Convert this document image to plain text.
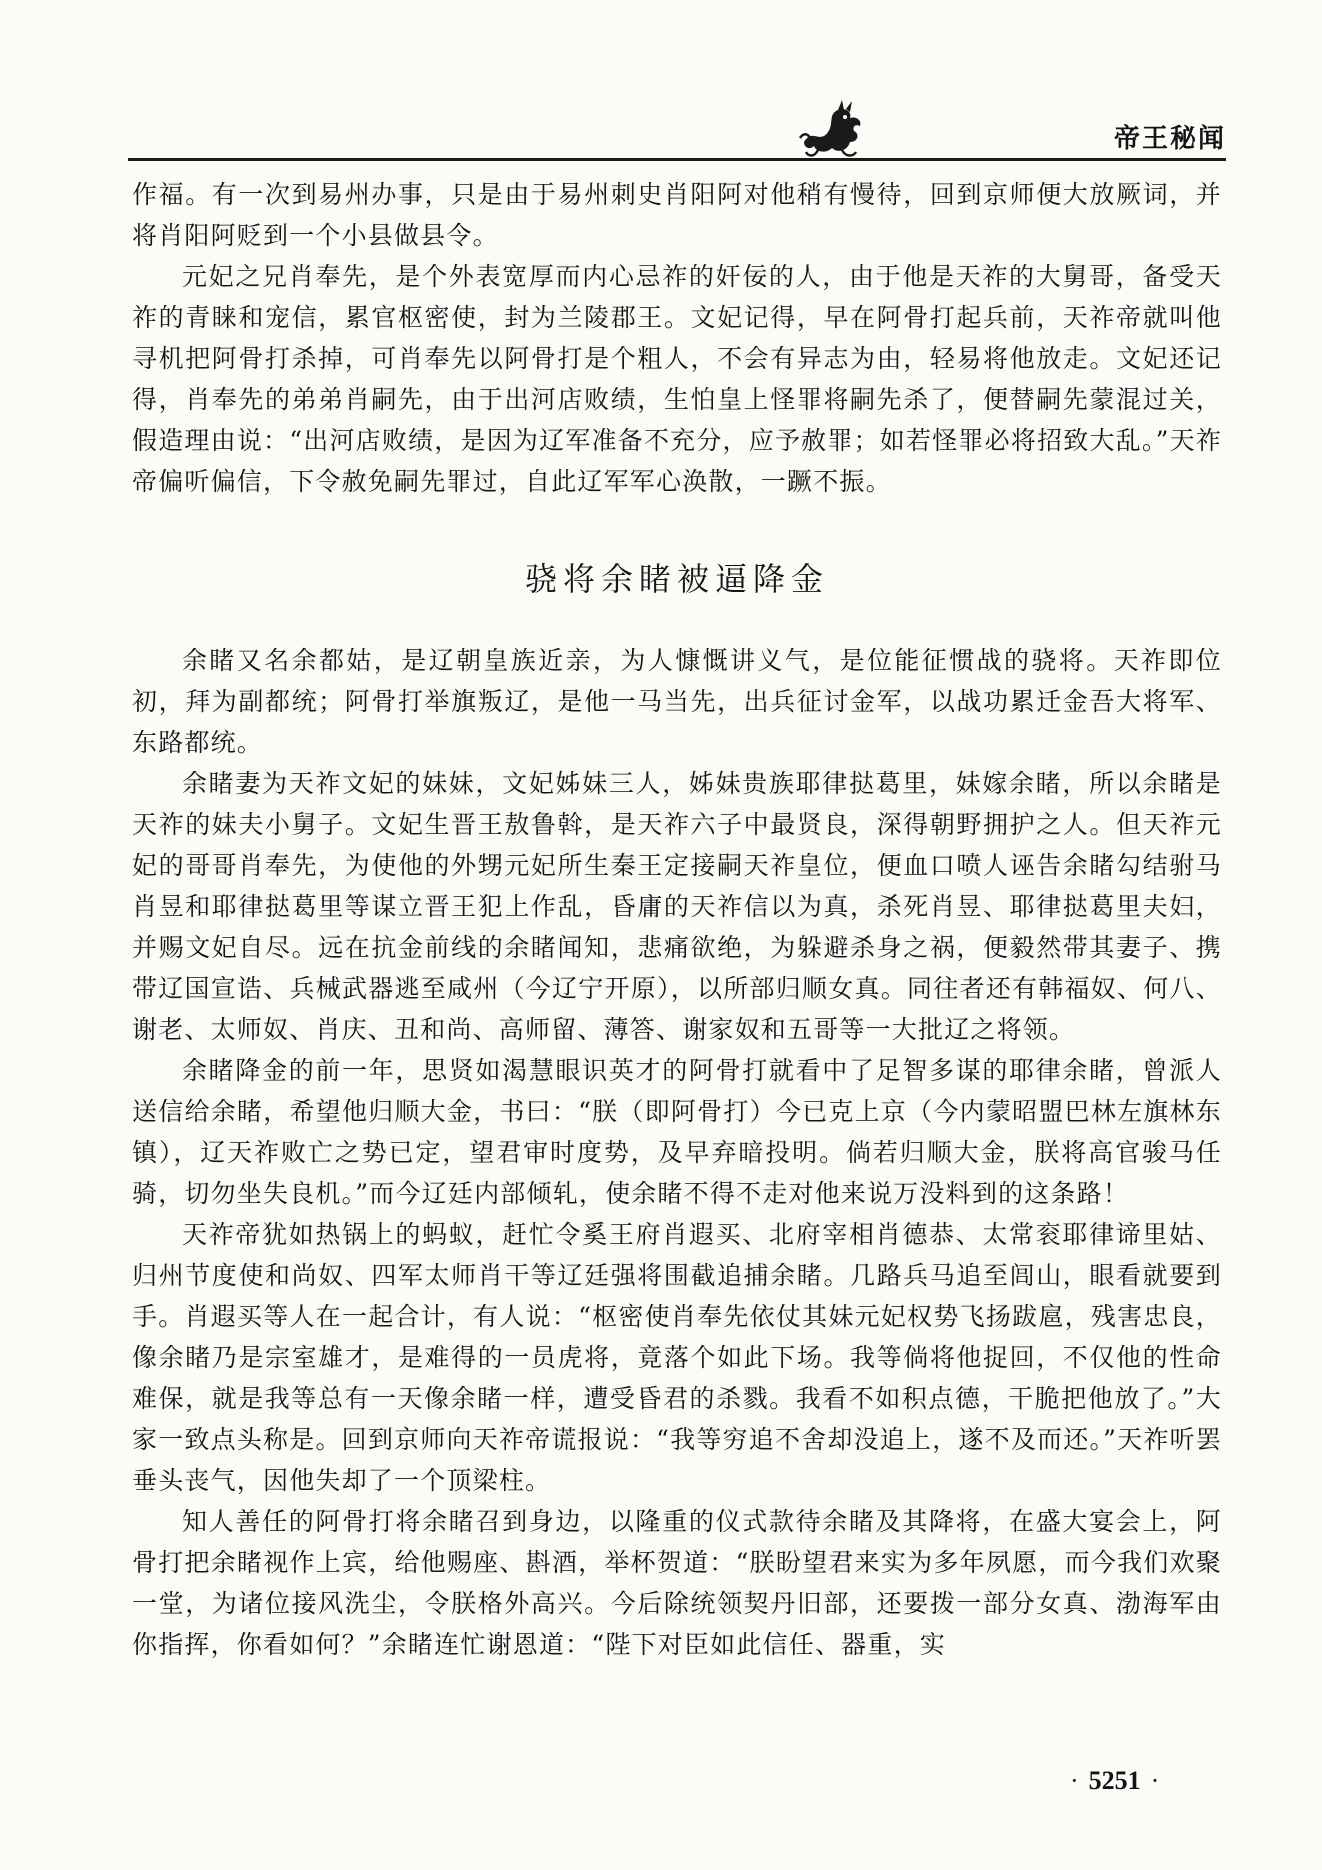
帝王秘闻

作福。有一次到易州办事，只是由于易州刺史肖阳阿对他稍有慢待，回到京师便大放厥词，并将肖阳阿贬到一个小县做县令。

元妃之兄肖奉先，是个外表宽厚而内心忌祚的奸佞的人，由于他是天祚的大舅哥，备受天祚的青睐和宠信，累官枢密使，封为兰陵郡王。文妃记得，早在阿骨打起兵前，天祚帝就叫他寻机把阿骨打杀掉，可肖奉先以阿骨打是个粗人，不会有异志为由，轻易将他放走。文妃还记得，肖奉先的弟弟肖嗣先，由于出河店败绩，生怕皇上怪罪将嗣先杀了，便替嗣先蒙混过关，假造理由说：“出河店败绩，是因为辽军准备不充分，应予赦罪；如若怪罪必将招致大乱。”天祚帝偏听偏信，下令赦免嗣先罪过，自此辽军军心涣散，一蹶不振。

骁将余睹被逼降金

余睹又名余都姑，是辽朝皇族近亲，为人慷慨讲义气，是位能征惯战的骁将。天祚即位初，拜为副都统；阿骨打举旗叛辽，是他一马当先，出兵征讨金军，以战功累迁金吾大将军、东路都统。

余睹妻为天祚文妃的妹妹，文妃姊妹三人，姊妹贵族耶律挞葛里，妹嫁余睹，所以余睹是 天祚的妹夫小舅子。文妃生晋王敖鲁斡，是天祚六子中最贤良，深得朝野拥护之人。但天祚元妃的哥哥肖奉先，为使他的外甥元妃所生秦王定接嗣天祚皇位，便血口喷人诬告余睹勾结驸马肖昱和耶律挞葛里等谋立晋王犯上作乱，昏庸的天祚信以为真，杀死肖昱、耶律挞葛里夫妇，并赐文妃自尽。远在抗金前线的余睹闻知，悲痛欲绝，为躲避杀身之祸，便毅然带其妻子、携带辽国宣诰、兵械武器逃至咸州（今辽宁开原），以所部归顺女真。同往者还有韩福奴、何八、谢老、太师奴、肖庆、丑和尚、高师留、薄答、谢家奴和五哥等一大批辽之将领。

余睹降金的前一年，思贤如渴慧眼识英才的阿骨打就看中了足智多谋的耶律余睹，曾派人送信给余睹，希望他归顺大金，书曰：“朕（即阿骨打）今已克上京（今内蒙昭盟巴林左旗林东镇），辽天祚败亡之势已定，望君审时度势，及早弃暗投明。倘若归顺大金，朕将高官骏马任骑，切勿坐失良机。”而今辽廷内部倾轧，使余睹不得不走对他来说万没料到的这条路！

天祚帝犹如热锅上的蚂蚁，赶忙令奚王府肖遐买、北府宰相肖德恭、太常衮耶律谛里姑、归州节度使和尚奴、四军太师肖干等辽廷强将围截追捕余睹。几路兵马追至闾山，眼看就要到手。肖遐买等人在一起合计，有人说：“枢密使肖奉先依仗其妹元妃权势飞扬跋扈，残害忠良，像余睹乃是宗室雄才，是难得的一员虎将，竟落个如此下场。我等倘将他捉回，不仅他的性命难保，就是我等总有一天像余睹一样，遭受昏君的杀戮。我看不如积点德，干脆把他放了。”大家一致点头称是。回到京师向天祚帝谎报说：“我等穷追不舍却没追上，遂不及而还。”天祚听罢垂头丧气，因他失却了一个顶梁柱。

知人善任的阿骨打将余睹召到身边，以隆重的仪式款待余睹及其降将，在盛大宴会上，阿骨打把余睹视作上宾，给他赐座、斟酒，举杯贺道：“朕盼望君来实为多年夙愿，而今我们欢聚一堂，为诸位接风洗尘，令朕格外高兴。今后除统领契丹旧部，还要拨一部分女真、渤海军由你指挥，你看如何？”余睹连忙谢恩道：“陛下对臣如此信任、器重，实

· 5251 ·
